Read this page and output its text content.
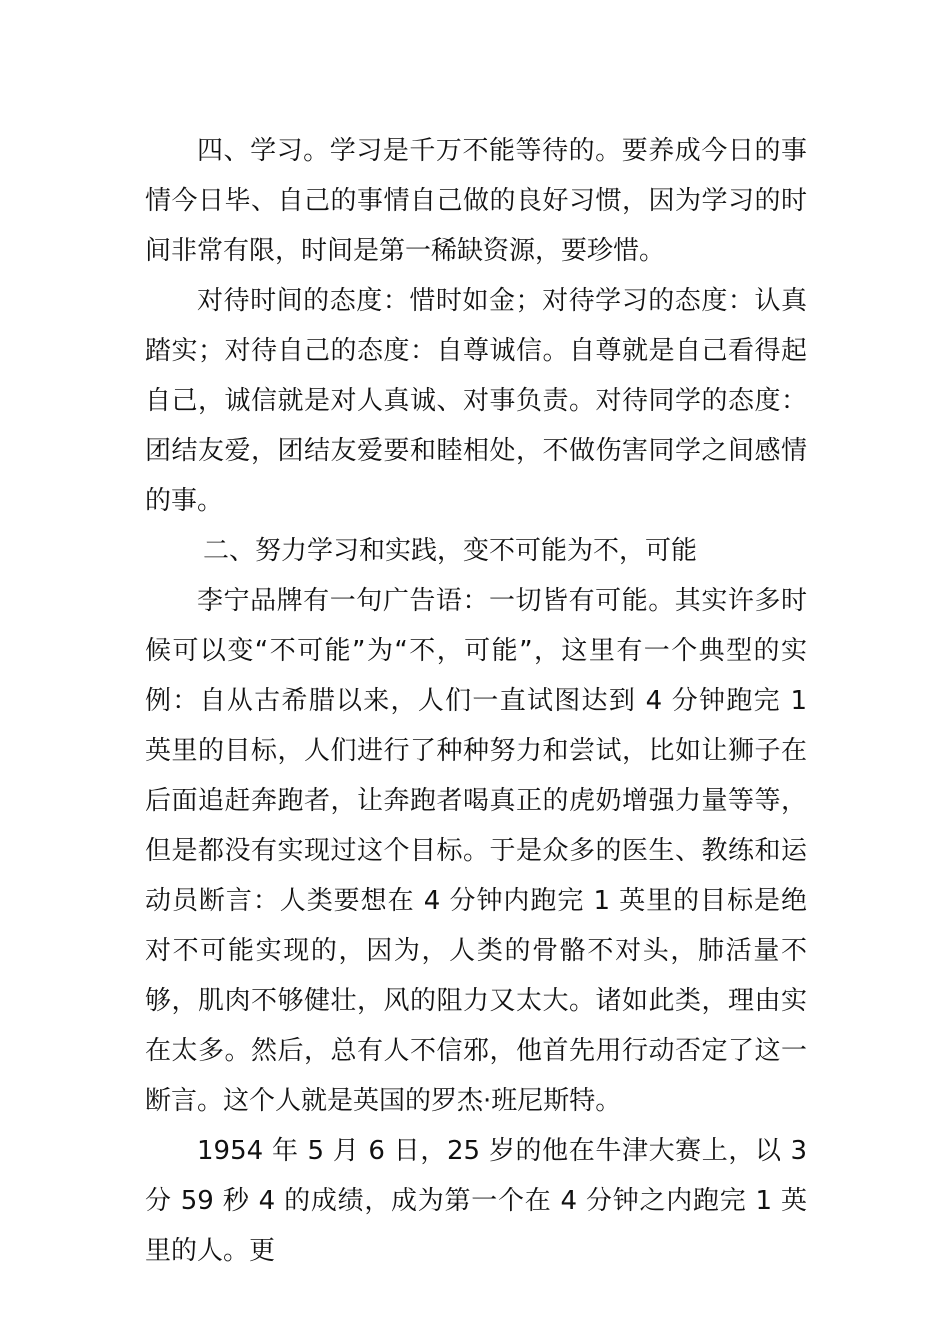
四、学习。学习是千万不能等待的。要养成今日的事情今日毕、自己的事情自己做的良好习惯，因为学习的时间非常有限，时间是第一稀缺资源，要珍惜。

对待时间的态度：惜时如金；对待学习的态度：认真踏实；对待自己的态度：自尊诚信。自尊就是自己看得起自己，诚信就是对人真诚、对事负责。对待同学的态度：团结友爱，团结友爱要和睦相处，不做伤害同学之间感情的事。

二、努力学习和实践，变不可能为不，可能

李宁品牌有一句广告语：一切皆有可能。其实许多时候可以变“不可能”为“不，可能”，这里有一个典型的实例：自从古希腊以来，人们一直试图达到 4 分钟跑完 1 英里的目标，人们进行了种种努力和尝试，比如让狮子在后面追赶奔跑者，让奔跑者喝真正的虎奶增强力量等等，但是都没有实现过这个目标。于是众多的医生、教练和运动员断言：人类要想在 4 分钟内跑完 1 英里的目标是绝对不可能实现的，因为，人类的骨骼不对头，肺活量不够，肌肉不够健壮，风的阻力又太大。诸如此类，理由实在太多。然后，总有人不信邪，他首先用行动否定了这一断言。这个人就是英国的罗杰·班尼斯特。

1954 年 5 月 6 日，25 岁的他在牛津大赛上，以 3 分 59 秒 4 的成绩，成为第一个在 4 分钟之内跑完 1 英里的人。更
